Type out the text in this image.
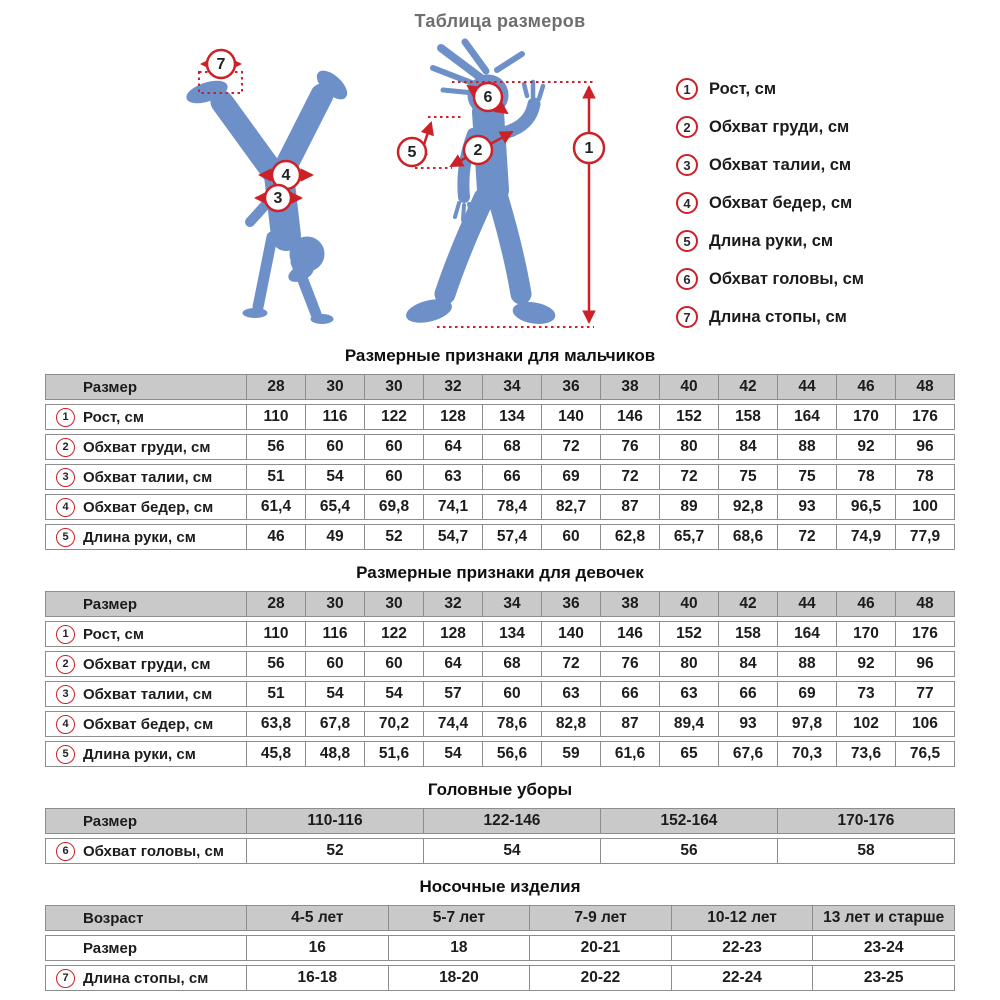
Таблица размеров
7
4
3
6
2
5	1
1	Рост, см
2	Обхват груди, см
3	Обхват талии, см
4	Обхват бедер, см
5	Длина руки, см
6	Обхват головы, см
7	Длина стопы, см
Размерные признаки для мальчиков
Размер	28	30	30	32	34	36	38	40	42	44	46	48
1 Рост, см	110	116	122	128	134	140	146	152	158	164	170	176
2 Обхват груди, см	56	60	60	64	68	72	76	80	84	88	92	96
3 Обхват талии, см	51	54	60	63	66	69	72	72	75	75	78	78
4 Обхват бедер, см	61,4	65,4	69,8	74,1	78,4	82,7	87	89	92,8	93	96,5	100
5 Длина руки, см	46	49	52	54,7	57,4	60	62,8	65,7	68,6	72	74,9	77,9
Размерные признаки для девочек
Размер	28	30	30	32	34	36	38	40	42	44	46	48
1 Рост, см	110	116	122	128	134	140	146	152	158	164	170	176
2 Обхват груди, см	56	60	60	64	68	72	76	80	84	88	92	96
3 Обхват талии, см	51	54	54	57	60	63	66	63	66	69	73	77
4 Обхват бедер, см	63,8	67,8	70,2	74,4	78,6	82,8	87	89,4	93	97,8	102	106
5 Длина руки, см	45,8	48,8	51,6	54	56,6	59	61,6	65	67,6	70,3	73,6	76,5
Головные уборы
Размер	110-116	122-146	152-164	170-176
6 Обхват головы, см	52	54	56	58
Носочные изделия
Возраст	4-5 лет	5-7 лет	7-9 лет	10-12 лет	13 лет и старше
Размер	16	18	20-21	22-23	23-24
7 Длина стопы, см	16-18	18-20	20-22	22-24	23-25
